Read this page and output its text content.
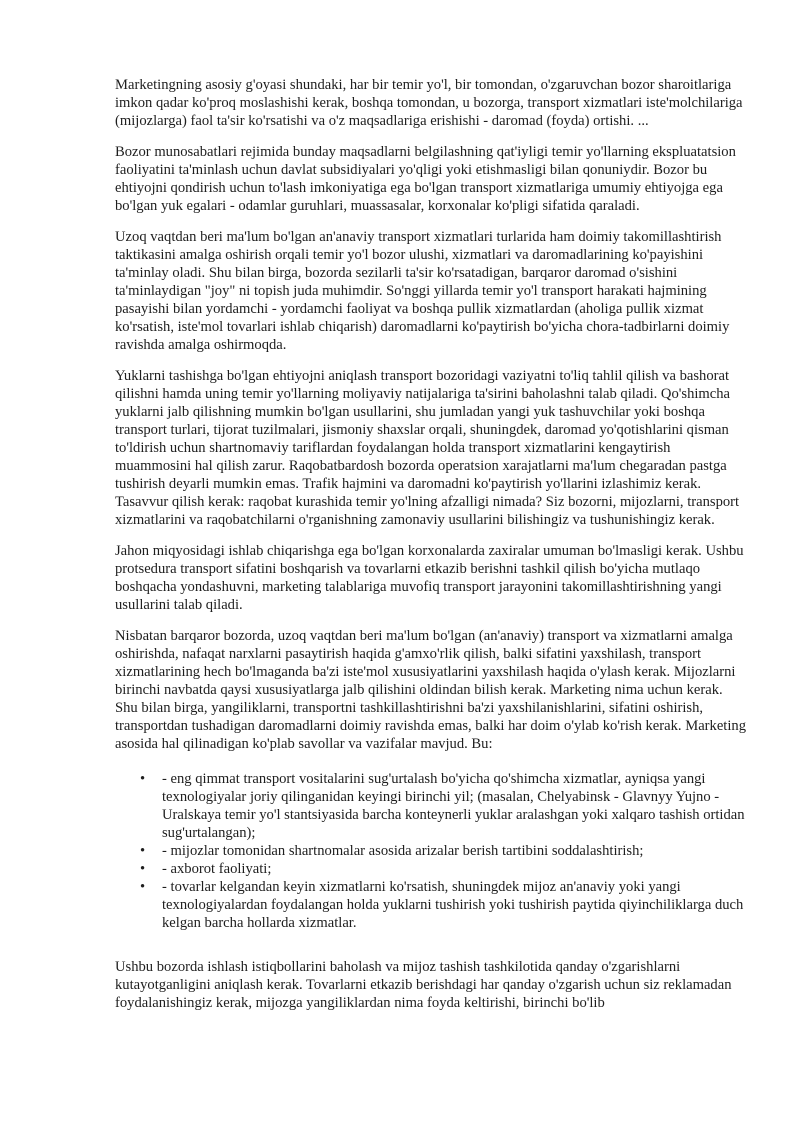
Marketingning asosiy g'oyasi shundaki, har bir temir yo'l, bir tomondan, o'zgaruvchan bozor sharoitlariga imkon qadar ko'proq moslashishi kerak, boshqa tomondan, u bozorga, transport xizmatlari iste'molchilariga (mijozlarga) faol ta'sir ko'rsatishi va o'z maqsadlariga erishishi - daromad (foyda) ortishi. ...

Bozor munosabatlari rejimida bunday maqsadlarni belgilashning qat'iyligi temir yo'llarning ekspluatatsion faoliyatini ta'minlash uchun davlat subsidiyalari yo'qligi yoki etishmasligi bilan qonuniydir. Bozor bu ehtiyojni qondirish uchun to'lash imkoniyatiga ega bo'lgan transport xizmatlariga umumiy ehtiyojga ega bo'lgan yuk egalari - odamlar guruhlari, muassasalar, korxonalar ko'pligi sifatida qaraladi.

Uzoq vaqtdan beri ma'lum bo'lgan an'anaviy transport xizmatlari turlarida ham doimiy takomillashtirish taktikasini amalga oshirish orqali temir yo'l bozor ulushi, xizmatlari va daromadlarining ko'payishini ta'minlay oladi. Shu bilan birga, bozorda sezilarli ta'sir ko'rsatadigan, barqaror daromad o'sishini ta'minlaydigan "joy" ni topish juda muhimdir. So'nggi yillarda temir yo'l transport harakati hajmining pasayishi bilan yordamchi - yordamchi faoliyat va boshqa pullik xizmatlardan (aholiga pullik xizmat ko'rsatish, iste'mol tovarlari ishlab chiqarish) daromadlarni ko'paytirish bo'yicha chora-tadbirlarni doimiy ravishda amalga oshirmoqda.

Yuklarni tashishga bo'lgan ehtiyojni aniqlash transport bozoridagi vaziyatni to'liq tahlil qilish va bashorat qilishni hamda uning temir yo'llarning moliyaviy natijalariga ta'sirini baholashni talab qiladi. Qo'shimcha yuklarni jalb qilishning mumkin bo'lgan usullarini, shu jumladan yangi yuk tashuvchilar yoki boshqa transport turlari, tijorat tuzilmalari, jismoniy shaxslar orqali, shuningdek, daromad yo'qotishlarini qisman to'ldirish uchun shartnomaviy tariflardan foydalangan holda transport xizmatlarini kengaytirish muammosini hal qilish zarur. Raqobatbardosh bozorda operatsion xarajatlarni ma'lum chegaradan pastga tushirish deyarli mumkin emas. Trafik hajmini va daromadni ko'paytirish yo'llarini izlashimiz kerak. Tasavvur qilish kerak: raqobat kurashida temir yo'lning afzalligi nimada? Siz bozorni, mijozlarni, transport xizmatlarini va raqobatchilarni o'rganishning zamonaviy usullarini bilishingiz va tushunishingiz kerak.

Jahon miqyosidagi ishlab chiqarishga ega bo'lgan korxonalarda zaxiralar umuman bo'lmasligi kerak. Ushbu protsedura transport sifatini boshqarish va tovarlarni etkazib berishni tashkil qilish bo'yicha mutlaqo boshqacha yondashuvni, marketing talablariga muvofiq transport jarayonini takomillashtirishning yangi usullarini talab qiladi.

Nisbatan barqaror bozorda, uzoq vaqtdan beri ma'lum bo'lgan (an'anaviy) transport va xizmatlarni amalga oshirishda, nafaqat narxlarni pasaytirish haqida g'amxo'rlik qilish, balki sifatini yaxshilash, transport xizmatlarining hech bo'lmaganda ba'zi iste'mol xususiyatlarini yaxshilash haqida o'ylash kerak. Mijozlarni birinchi navbatda qaysi xususiyatlarga jalb qilishini oldindan bilish kerak. Marketing nima uchun kerak. Shu bilan birga, yangiliklarni, transportni tashkillashtirishni ba'zi yaxshilanishlarini, sifatini oshirish, transportdan tushadigan daromadlarni doimiy ravishda emas, balki har doim o'ylab ko'rish kerak. Marketing asosida hal qilinadigan ko'plab savollar va vazifalar mavjud. Bu:

• - eng qimmat transport vositalarini sug'urtalash bo'yicha qo'shimcha xizmatlar, ayniqsa yangi texnologiyalar joriy qilinganidan keyingi birinchi yil; (masalan, Chelyabinsk - Glavnyy Yujno - Uralskaya temir yo'l stantsiyasida barcha konteynerli yuklar aralashgan yoki xalqaro tashish ortidan sug'urtalangan);
• - mijozlar tomonidan shartnomalar asosida arizalar berish tartibini soddalashtirish;
• - axborot faoliyati;
• - tovarlar kelgandan keyin xizmatlarni ko'rsatish, shuningdek mijoz an'anaviy yoki yangi texnologiyalardan foydalangan holda yuklarni tushirish yoki tushirish paytida qiyinchiliklarga duch kelgan barcha hollarda xizmatlar.

Ushbu bozorda ishlash istiqbollarini baholash va mijoz tashish tashkilotida qanday o'zgarishlarni kutayotganligini aniqlash kerak. Tovarlarni etkazib berishdagi har qanday o'zgarish uchun siz reklamadan foydalanishingiz kerak, mijozga yangiliklardan nima foyda keltirishi, birinchi bo'lib
